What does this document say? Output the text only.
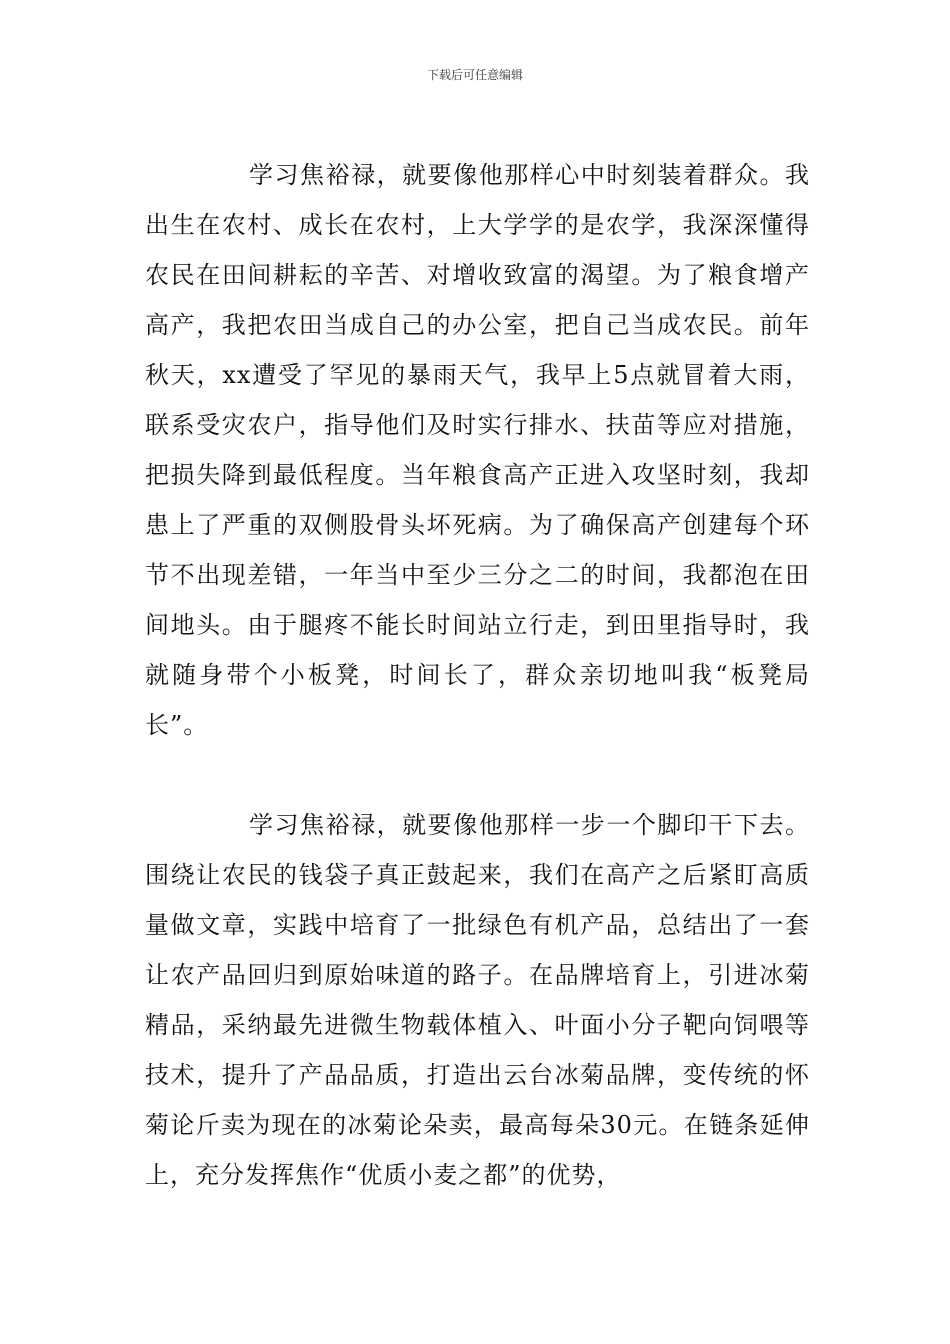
下载后可任意编辑

学习焦裕禄，就要像他那样心中时刻装着群众。我出生在农村、成长在农村，上大学学的是农学，我深深懂得农民在田间耕耘的辛苦、对增收致富的渴望。为了粮食增产高产，我把农田当成自己的办公室，把自己当成农民。前年秋天，xx遭受了罕见的暴雨天气，我早上5点就冒着大雨，联系受灾农户，指导他们及时实行排水、扶苗等应对措施，把损失降到最低程度。当年粮食高产正进入攻坚时刻，我却患上了严重的双侧股骨头坏死病。为了确保高产创建每个环节不出现差错，一年当中至少三分之二的时间，我都泡在田间地头。由于腿疼不能长时间站立行走，到田里指导时，我就随身带个小板凳，时间长了，群众亲切地叫我“板凳局长”。

学习焦裕禄，就要像他那样一步一个脚印干下去。围绕让农民的钱袋子真正鼓起来，我们在高产之后紧盯高质量做文章，实践中培育了一批绿色有机产品，总结出了一套让农产品回归到原始味道的路子。在品牌培育上，引进冰菊精品，采纳最先进微生物载体植入、叶面小分子靶向饲喂等技术，提升了产品品质，打造出云台冰菊品牌，变传统的怀菊论斤卖为现在的冰菊论朵卖，最高每朵30元。在链条延伸上，充分发挥焦作“优质小麦之都”的优势，
